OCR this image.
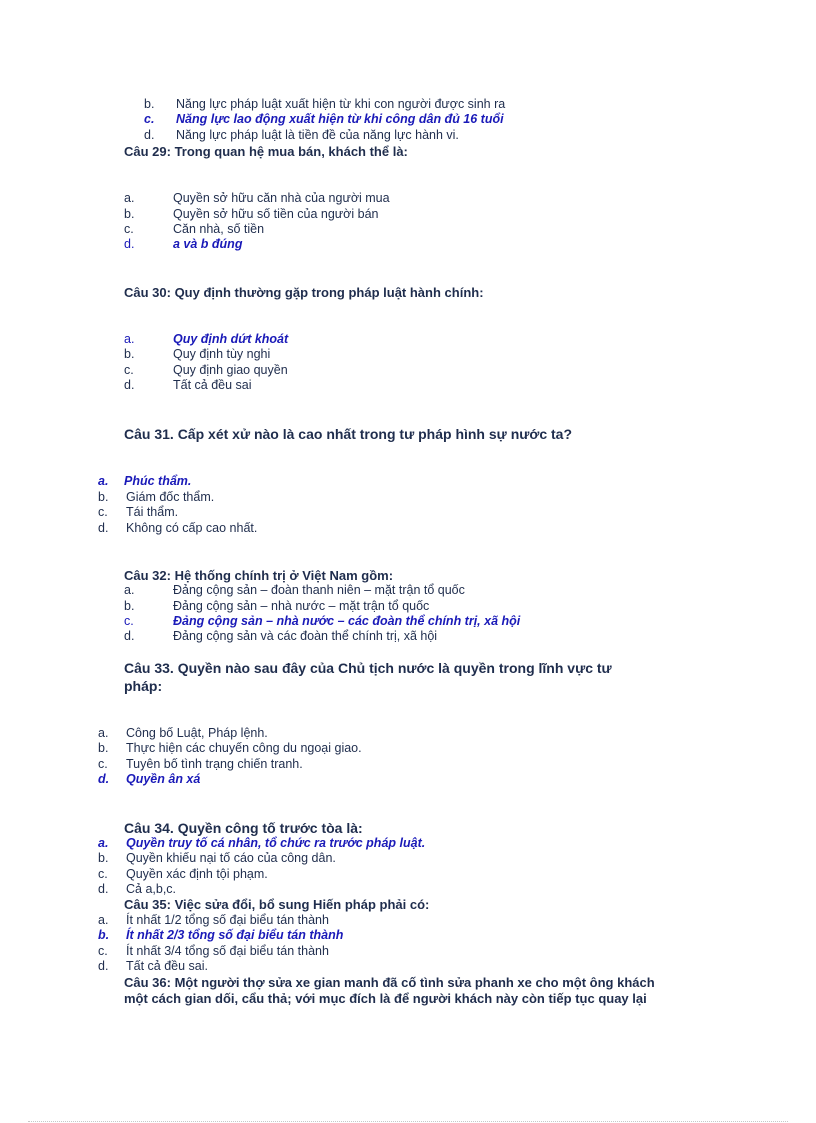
b. Năng lực pháp luật xuất hiện từ khi con người được sinh ra
c. Năng lực lao động xuất hiện từ khi công dân đủ 16 tuổi
d. Năng lực pháp luật là tiền đề của năng lực hành vi.
Câu 29: Trong quan hệ mua bán, khách thể là:
a.	Quyền sở hữu căn nhà của người mua
b.	Quyền sở hữu số tiền của người bán
c.	Căn nhà, số tiền
d.	a và b đúng
Câu 30: Quy định thường gặp trong pháp luật hành chính:
a.	Quy định dứt khoát
b.	Quy định tùy nghi
c.	Quy định giao quyền
d.	Tất cả đều sai
Câu 31. Cấp xét xử nào là cao nhất trong tư pháp hình sự nước ta?
a. Phúc thẩm.
b. Giám đốc thẩm.
c. Tái thẩm.
d. Không có cấp cao nhất.
Câu 32: Hệ thống chính trị ở Việt Nam gồm:
a.	Đảng cộng sản – đoàn thanh niên – mặt trận tổ quốc
b.	Đảng cộng sản – nhà nước – mặt trận tổ quốc
c.	Đảng cộng sản – nhà nước – các đoàn thể chính trị, xã hội
d.	Đảng cộng sản và các đoàn thể chính trị, xã hội
Câu 33. Quyền nào sau đây của Chủ tịch nước là quyền trong lĩnh vực tư
pháp:
a. Công bố Luật, Pháp lệnh.
b. Thực hiện các chuyến công du ngoại giao.
c. Tuyên bố tình trạng chiến tranh.
d. Quyền ân xá
Câu 34. Quyền công tố trước tòa là:
a. Quyền truy tố cá nhân, tổ chức ra trước pháp luật.
b. Quyền khiếu nại tố cáo của công dân.
c. Quyền xác định tội phạm.
d. Cả a,b,c.
Câu 35: Việc sửa đổi, bổ sung Hiến pháp phải có:
a. Ít nhất 1/2 tổng số đại biểu tán thành
b. Ít nhất 2/3 tổng số đại biểu tán thành
c. Ít nhất 3/4 tổng số đại biểu tán thành
d. Tất cả đều sai.
Câu 36: Một người thợ sửa xe gian manh đã cố tình sửa phanh xe cho một ông khách
một cách gian dối, cẩu thả; với mục đích là để người khách này còn tiếp tục quay lại
